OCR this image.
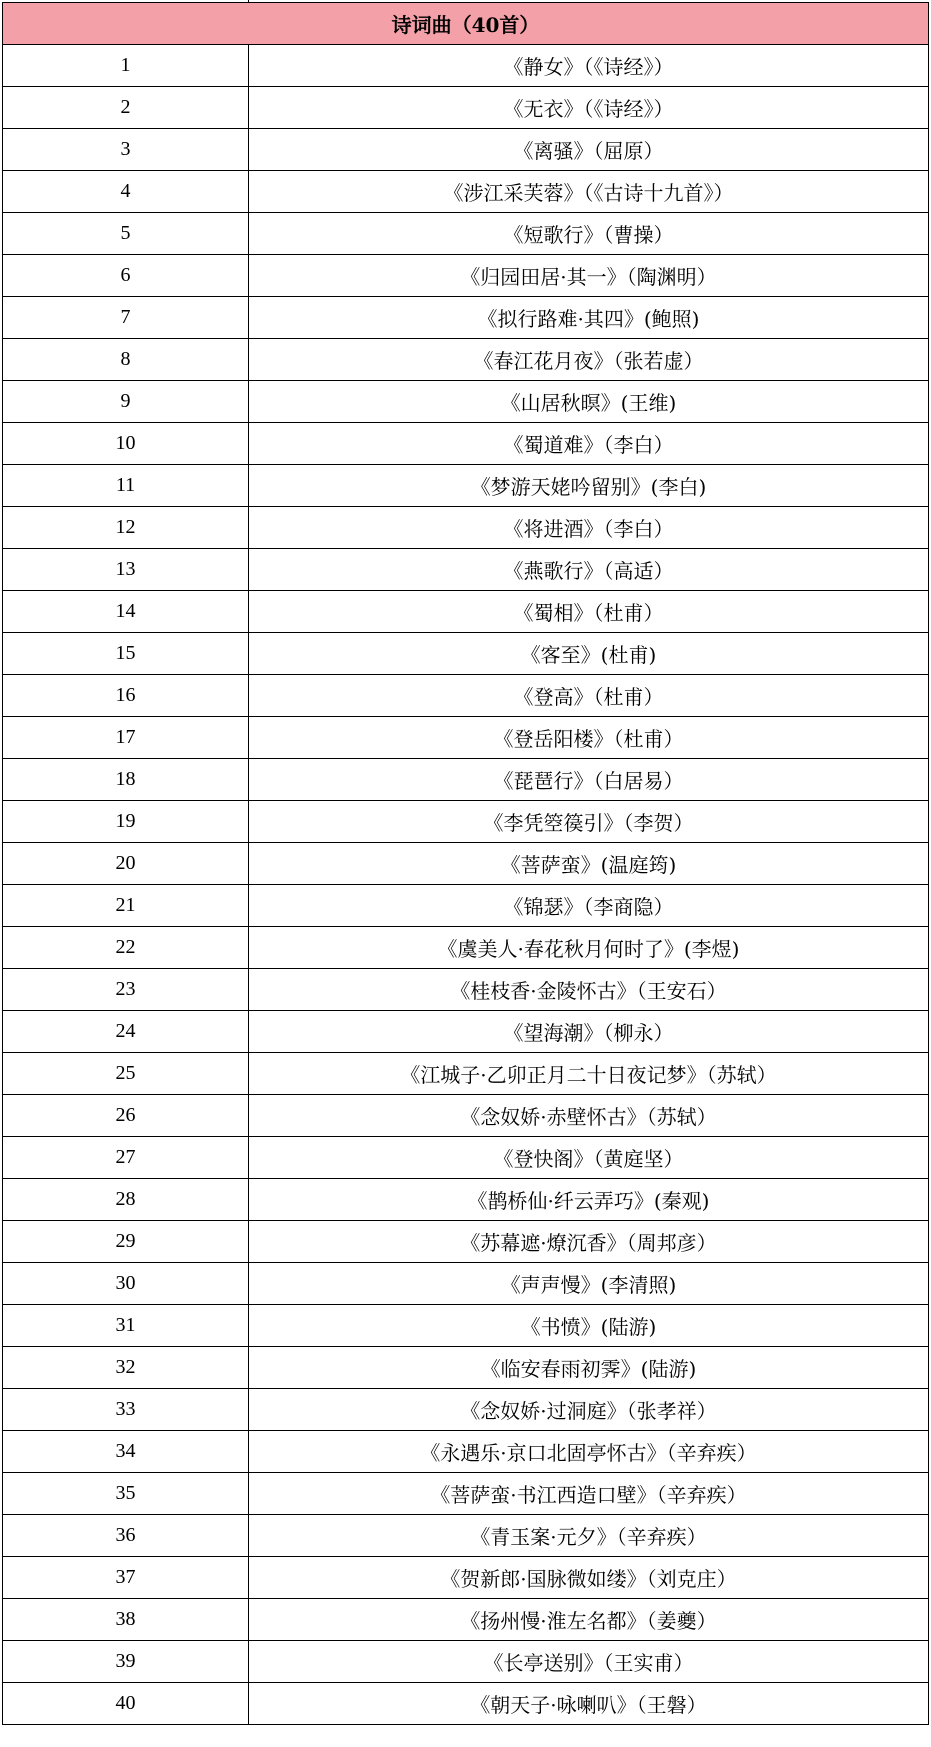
诗词曲（40首）	
1	《静女》（《诗经》）
2	《无衣》（《诗经》）
3	《离骚》（屈原）
4	《涉江采芙蓉》（《古诗十九首》）
5	《短歌行》（曹操）
6	《归园田居·其一》（陶渊明）
7	《拟行路难·其四》(鲍照)
8	《春江花月夜》（张若虚）
9	《山居秋暝》(王维)
10	《蜀道难》（李白）
11	《梦游天姥吟留别》(李白)
12	《将进酒》（李白）
13	《燕歌行》（高适）
14	《蜀相》（杜甫）
15	《客至》(杜甫)
16	《登高》（杜甫）
17	《登岳阳楼》（杜甫）
18	《琵琶行》（白居易）
19	《李凭箜篌引》（李贺）
20	《菩萨蛮》(温庭筠)
21	《锦瑟》（李商隐）
22	《虞美人·春花秋月何时了》(李煜)
23	《桂枝香·金陵怀古》（王安石）
24	《望海潮》（柳永）
25	《江城子·乙卯正月二十日夜记梦》（苏轼）
26	《念奴娇·赤壁怀古》（苏轼）
27	《登快阁》（黄庭坚）
28	《鹊桥仙·纤云弄巧》(秦观)
29	《苏幕遮·燎沉香》（周邦彦）
30	《声声慢》(李清照)
31	《书愤》(陆游)
32	《临安春雨初霁》(陆游)
33	《念奴娇·过洞庭》（张孝祥）
34	《永遇乐·京口北固亭怀古》（辛弃疾）
35	《菩萨蛮·书江西造口壁》（辛弃疾）
36	《青玉案·元夕》（辛弃疾）
37	《贺新郎·国脉微如缕》（刘克庄）
38	《扬州慢·淮左名都》（姜夔）
39	《长亭送别》（王实甫）
40	《朝天子·咏喇叭》（王磐）
